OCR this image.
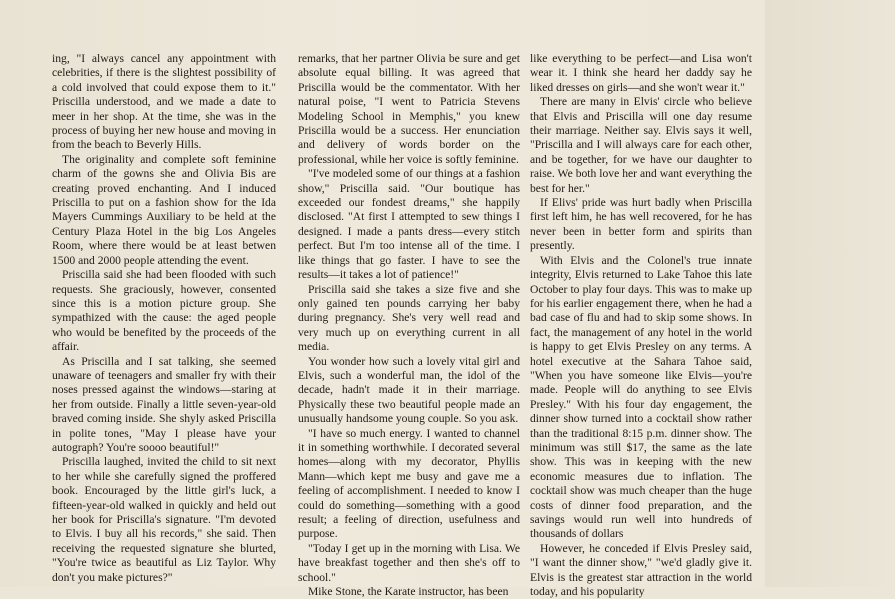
ing, "I always cancel any appointment with celebrities, if there is the slightest possibility of a cold involved that could expose them to it." Priscilla understood, and we made a date to meer in her shop. At the time, she was in the process of buying her new house and moving in from the beach to Beverly Hills.

The originality and complete soft feminine charm of the gowns she and Olivia Bis are creating proved enchanting. And I induced Priscilla to put on a fashion show for the Ida Mayers Cummings Auxiliary to be held at the Century Plaza Hotel in the big Los Angeles Room, where there would be at least betwen 1500 and 2000 people attending the event.

Priscilla said she had been flooded with such requests. She graciously, however, consented since this is a motion picture group. She sympathized with the cause: the aged people who would be benefited by the proceeds of the affair.

As Priscilla and I sat talking, she seemed unaware of teenagers and smaller fry with their noses pressed against the windows—staring at her from outside. Finally a little seven-year-old braved coming inside. She shyly asked Priscilla in polite tones, "May I please have your autograph? You're soooo beautiful!"

Priscilla laughed, invited the child to sit next to her while she carefully signed the proffered book. Encouraged by the little girl's luck, a fifteen-year-old walked in quickly and held out her book for Priscilla's signature. "I'm devoted to Elvis. I buy all his records," she said. Then receiving the requested signature she blurted, "You're twice as beautiful as Liz Taylor. Why don't you make pictures?"

remarks, that her partner Olivia be sure and get absolute equal billing. It was agreed that Priscilla would be the commentator. With her natural poise, "I went to Patricia Stevens Modeling School in Memphis," you knew Priscilla would be a success. Her enunciation and delivery of words border on the professional, while her voice is softly feminine.

"I've modeled some of our things at a fashion show," Priscilla said. "Our boutique has exceeded our fondest dreams," she happily disclosed. "At first I attempted to sew things I designed. I made a pants dress—every stitch perfect. But I'm too intense all of the time. I like things that go faster. I have to see the results—it takes a lot of patience!"

Priscilla said she takes a size five and she only gained ten pounds carrying her baby during pregnancy. She's very well read and very much up on everything current in all media.

You wonder how such a lovely vital girl and Elvis, such a wonderful man, the idol of the decade, hadn't made it in their marriage. Physically these two beautiful people made an unusually handsome young couple. So you ask.

"I have so much energy. I wanted to channel it in something worthwhile. I decorated several homes—along with my decorator, Phyllis Mann—which kept me busy and gave me a feeling of accomplishment. I needed to know I could do something—something with a good result; a feeling of direction, usefulness and purpose.

"Today I get up in the morning with Lisa. We have breakfast together and then she's off to school."

Mike Stone, the Karate instructor, has been

like everything to be perfect—and Lisa won't wear it. I think she heard her daddy say he liked dresses on girls—and she won't wear it."

There are many in Elvis' circle who believe that Elvis and Priscilla will one day resume their marriage. Neither say. Elvis says it well, "Priscilla and I will always care for each other, and be together, for we have our daughter to raise. We both love her and want everything the best for her."

If Elivs' pride was hurt badly when Priscilla first left him, he has well recovered, for he has never been in better form and spirits than presently.

With Elvis and the Colonel's true innate integrity, Elvis returned to Lake Tahoe this late October to play four days. This was to make up for his earlier engagement there, when he had a bad case of flu and had to skip some shows. In fact, the management of any hotel in the world is happy to get Elvis Presley on any terms. A hotel executive at the Sahara Tahoe said, "When you have someone like Elvis—you're made. People will do anything to see Elvis Presley." With his four day engagement, the dinner show turned into a cocktail show rather than the traditional 8:15 p.m. dinner show. The minimum was still $17, the same as the late show. This was in keeping with the new economic measures due to inflation. The cocktail show was much cheaper than the huge costs of dinner food preparation, and the savings would run well into hundreds of thousands of dollars

However, he conceded if Elvis Presley said, "I want the dinner show," "we'd gladly give it. Elvis is the greatest star attraction in the world today, and his popularity
